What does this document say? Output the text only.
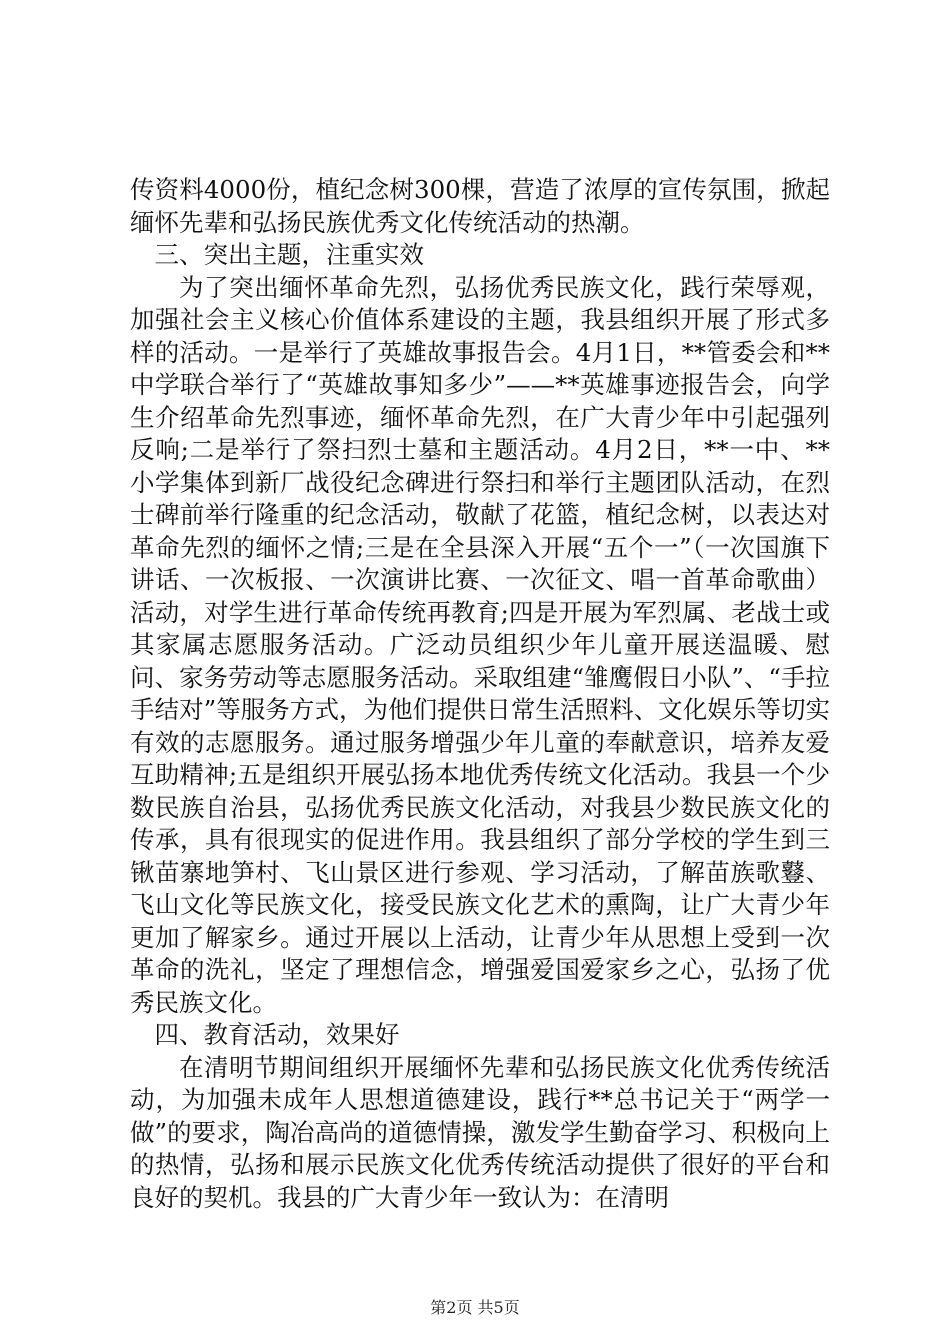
传资料4000份，植纪念树300棵，营造了浓厚的宣传氛围，掀起缅怀先辈和弘扬民族优秀文化传统活动的热潮。

三、突出主题，注重实效

为了突出缅怀革命先烈，弘扬优秀民族文化，践行荣辱观，加强社会主义核心价值体系建设的主题，我县组织开展了形式多样的活动。一是举行了英雄故事报告会。4月1日，**管委会和**中学联合举行了“英雄故事知多少”——**英雄事迹报告会，向学生介绍革命先烈事迹，缅怀革命先烈，在广大青少年中引起强列反响;二是举行了祭扫烈士墓和主题活动。4月2日，**一中、**小学集体到新厂战役纪念碑进行祭扫和举行主题团队活动，在烈士碑前举行隆重的纪念活动，敬献了花篮，植纪念树，以表达对革命先烈的缅怀之情;三是在全县深入开展“五个一”（一次国旗下讲话、一次板报、一次演讲比赛、一次征文、唱一首革命歌曲）活动，对学生进行革命传统再教育;四是开展为军烈属、老战士或其家属志愿服务活动。广泛动员组织少年儿童开展送温暖、慰问、家务劳动等志愿服务活动。采取组建“雏鹰假日小队”、“手拉手结对”等服务方式，为他们提供日常生活照料、文化娱乐等切实有效的志愿服务。通过服务增强少年儿童的奉献意识，培养友爱互助精神;五是组织开展弘扬本地优秀传统文化活动。我县一个少数民族自治县，弘扬优秀民族文化活动，对我县少数民族文化的传承，具有很现实的促进作用。我县组织了部分学校的学生到三锹苗寨地笋村、飞山景区进行参观、学习活动，了解苗族歌鼟、飞山文化等民族文化，接受民族文化艺术的熏陶，让广大青少年更加了解家乡。通过开展以上活动，让青少年从思想上受到一次革命的洗礼，坚定了理想信念，增强爱国爱家乡之心，弘扬了优秀民族文化。

四、教育活动，效果好

在清明节期间组织开展缅怀先辈和弘扬民族文化优秀传统活动，为加强未成年人思想道德建设，践行**总书记关于“两学一做”的要求，陶冶高尚的道德情操，激发学生勤奋学习、积极向上的热情，弘扬和展示民族文化优秀传统活动提供了很好的平台和良好的契机。我县的广大青少年一致认为：在清明

第2页 共5页
